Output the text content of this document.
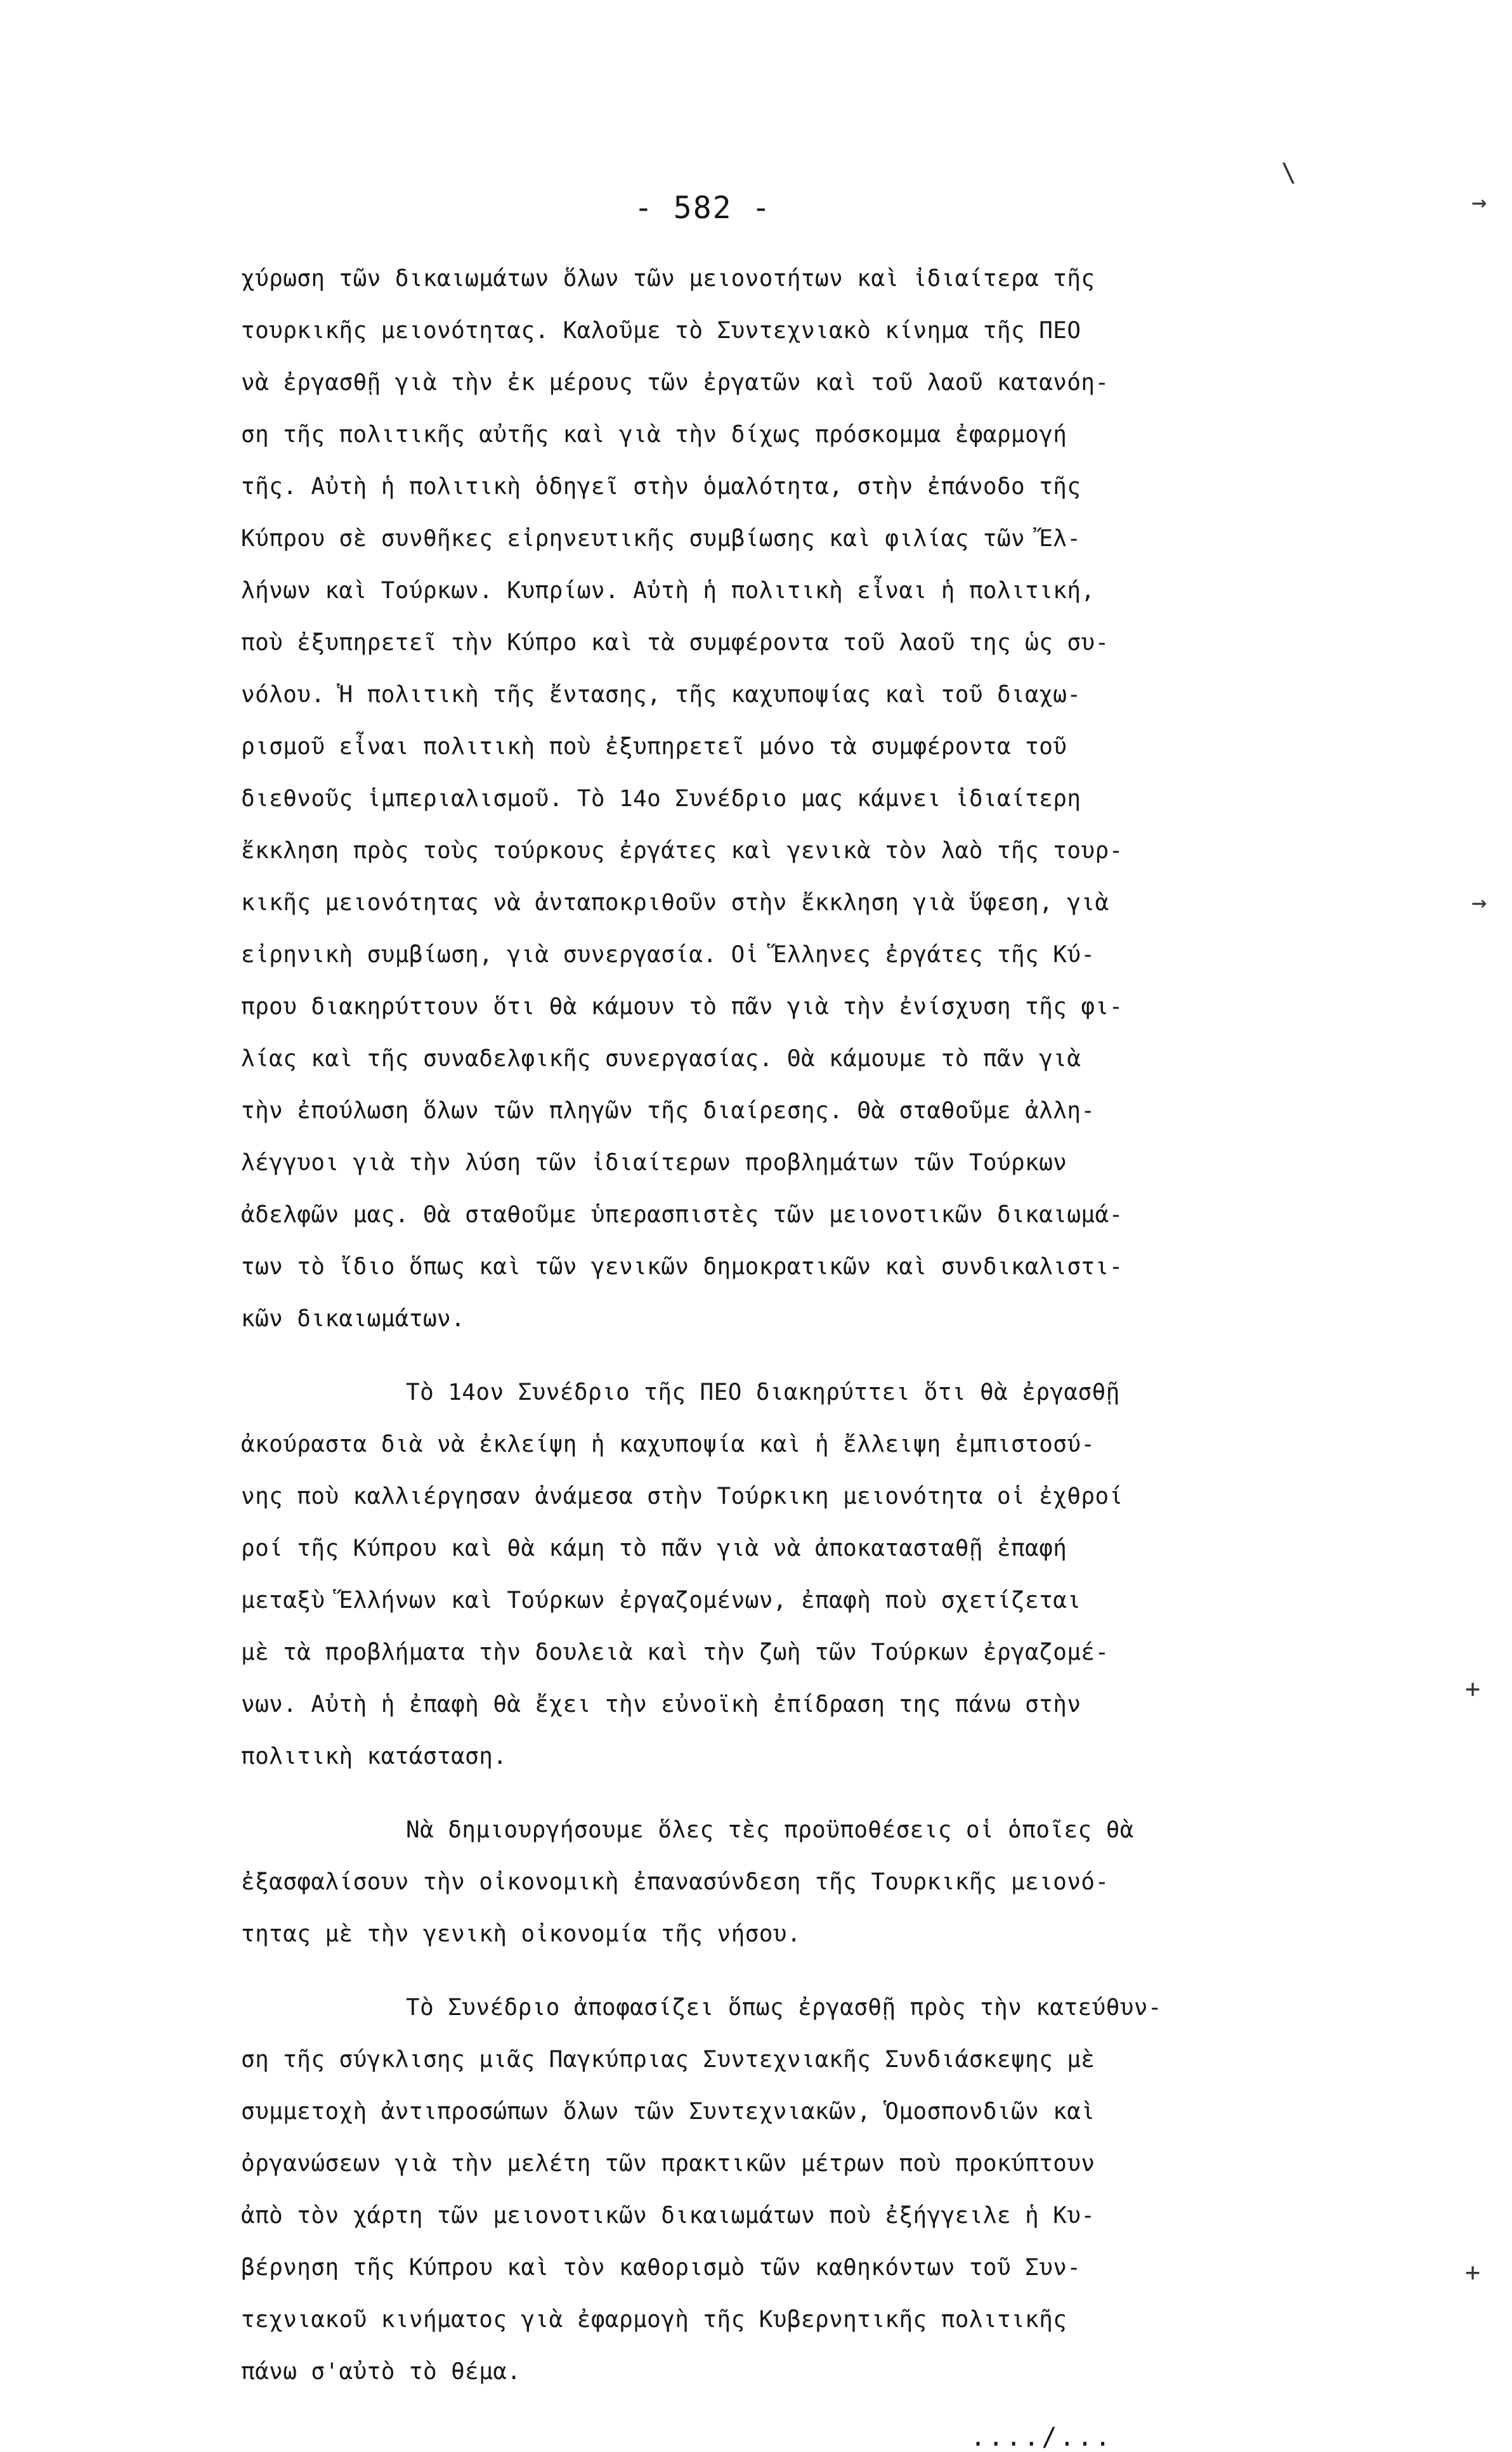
- 582 -
\
→
→
+
+
χύρωση τῶν δικαιωμάτων ὅλων τῶν μειονοτήτων καὶ ἰδιαίτερα τῆς
τουρκικῆς μειονότητας. Καλοῦμε τὸ Συντεχνιακὸ κίνημα τῆς ΠΕΟ
νὰ ἐργασθῇ γιὰ τὴν ἐκ μέρους τῶν ἐργατῶν καὶ τοῦ λαοῦ κατανόη-
ση τῆς πολιτικῆς αὐτῆς καὶ γιὰ τὴν δίχως πρόσκομμα ἐφαρμογή
τῆς. Αὐτὴ ἡ πολιτικὴ ὁδηγεῖ στὴν ὁμαλότητα, στὴν ἐπάνοδο τῆς
Κύπρου σὲ συνθῆκες εἰρηνευτικῆς συμβίωσης καὶ φιλίας τῶν Ἔλ-
λήνων καὶ Τούρκων. Κυπρίων. Αὐτὴ ἡ πολιτικὴ εἶναι ἡ πολιτική,
ποὺ ἐξυπηρετεῖ τὴν Κύπρο καὶ τὰ συμφέροντα τοῦ λαοῦ της ὡς συ-
νόλου. Ἡ πολιτικὴ τῆς ἔντασης, τῆς καχυποψίας καὶ τοῦ διαχω-
ρισμοῦ εἶναι πολιτικὴ ποὺ ἐξυπηρετεῖ μόνο τὰ συμφέροντα τοῦ
διεθνοῦς ἱμπεριαλισμοῦ. Τὸ 14ο Συνέδριο μας κάμνει ἰδιαίτερη
ἔκκληση πρὸς τοὺς τούρκους ἐργάτες καὶ γενικὰ τὸν λαὸ τῆς τουρ-
κικῆς μειονότητας νὰ ἀνταποκριθοῦν στὴν ἔκκληση γιὰ ὕφεση, γιὰ
εἰρηνικὴ συμβίωση, γιὰ συνεργασία. Οἱ Ἕλληνες ἐργάτες τῆς Κύ-
πρου διακηρύττουν ὅτι θὰ κάμουν τὸ πᾶν γιὰ τὴν ἐνίσχυση τῆς φι-
λίας καὶ τῆς συναδελφικῆς συνεργασίας. Θὰ κάμουμε τὸ πᾶν γιὰ
τὴν ἐπούλωση ὅλων τῶν πληγῶν τῆς διαίρεσης. Θὰ σταθοῦμε ἀλλη-
λέγγυοι γιὰ τὴν λύση τῶν ἰδιαίτερων προβλημάτων τῶν Τούρκων
ἀδελφῶν μας. Θὰ σταθοῦμε ὑπερασπιστὲς τῶν μειονοτικῶν δικαιωμά-
των τὸ ἴδιο ὅπως καὶ τῶν γενικῶν δημοκρατικῶν καὶ συνδικαλιστι-
κῶν δικαιωμάτων.
Τὸ 14ον Συνέδριο τῆς ΠΕΟ διακηρύττει ὅτι θὰ ἐργασθῇ
ἀκούραστα διὰ νὰ ἐκλείψη ἡ καχυποψία καὶ ἡ ἔλλειψη ἐμπιστοσύ-
νης ποὺ καλλιέργησαν ἀνάμεσα στὴν Τούρκικη μειονότητα οἱ ἐχθροί
ροί τῆς Κύπρου καὶ θὰ κάμη τὸ πᾶν γιὰ νὰ ἀποκατασταθῇ ἐπαφή
μεταξὺ Ἕλλήνων καὶ Τούρκων ἐργαζομένων, ἐπαφὴ ποὺ σχετίζεται
μὲ τὰ προβλήματα τὴν δουλειὰ καὶ τὴν ζωὴ τῶν Τούρκων ἐργαζομέ-
νων. Αὐτὴ ἡ ἐπαφὴ θὰ ἔχει τὴν εὐνοϊκὴ ἐπίδραση της πάνω στὴν
πολιτικὴ κατάσταση.
Νὰ δημιουργήσουμε ὅλες τὲς προϋποθέσεις οἱ ὁποῖες θὰ
ἐξασφαλίσουν τὴν οἰκονομικὴ ἐπανασύνδεση τῆς Τουρκικῆς μειονό-
τητας μὲ τὴν γενικὴ οἰκονομία τῆς νήσου.
Τὸ Συνέδριο ἀποφασίζει ὅπως ἐργασθῇ πρὸς τὴν κατεύθυν-
ση τῆς σύγκλισης μιᾶς Παγκύπριας Συντεχνιακῆς Συνδιάσκεψης μὲ
συμμετοχὴ ἀντιπροσώπων ὅλων τῶν Συντεχνιακῶν, Ὁμοσπονδιῶν καὶ
ὀργανώσεων γιὰ τὴν μελέτη τῶν πρακτικῶν μέτρων ποὺ προκύπτουν
ἀπὸ τὸν χάρτη τῶν μειονοτικῶν δικαιωμάτων ποὺ ἐξήγγειλε ἡ Κυ-
βέρνηση τῆς Κύπρου καὶ τὸν καθορισμὸ τῶν καθηκόντων τοῦ Συν-
τεχνιακοῦ κινήματος γιὰ ἐφαρμογὴ τῆς Κυβερνητικῆς πολιτικῆς
πάνω σ'αὐτὸ τὸ θέμα.
..../...
